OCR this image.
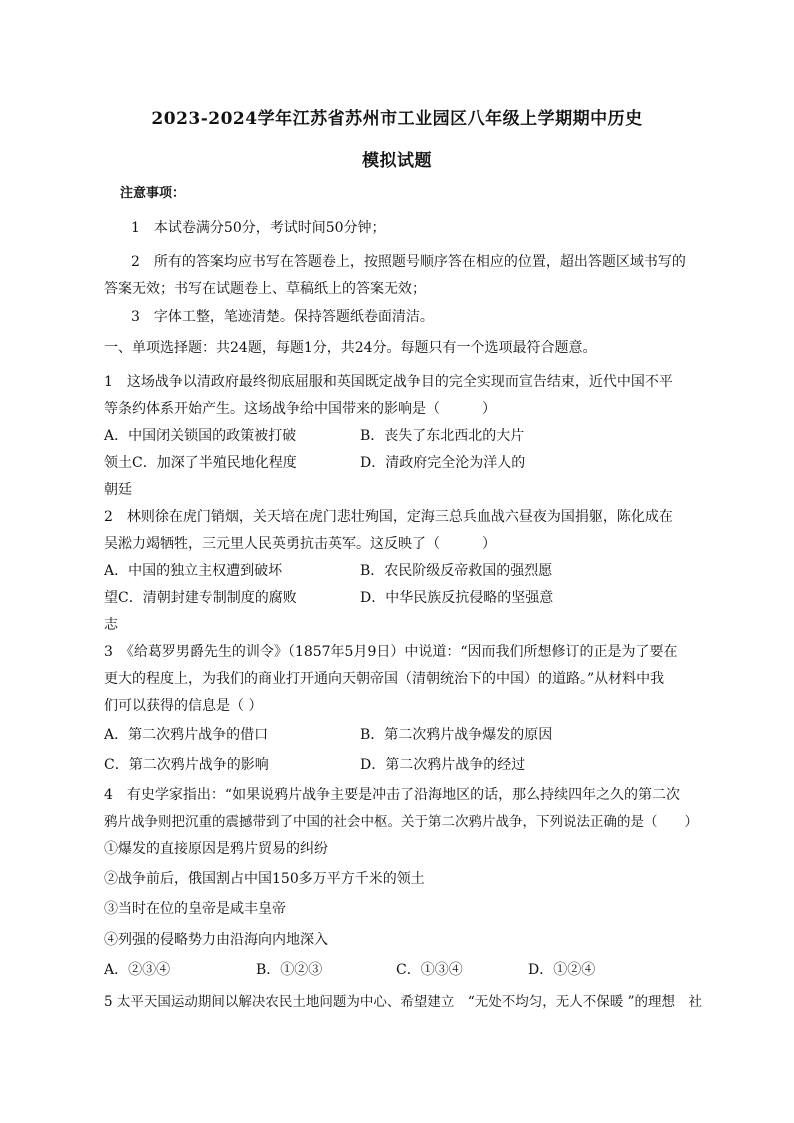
2023-2024学年江苏省苏州市工业园区八年级上学期期中历史
模拟试题
注意事项：
1　本试卷满分50分，考试时间50分钟；
2　所有的答案均应书写在答题卷上，按照题号顺序答在相应的位置，超出答题区域书写的
答案无效；书写在试题卷上、草稿纸上的答案无效；
3　字体工整，笔迹清楚。保持答题纸卷面清洁。
一、单项选择题：共24题，每题1分，共24分。每题只有一个选项最符合题意。
1　这场战争以清政府最终彻底屈服和英国既定战争目的完全实现而宣告结束，近代中国不平
等条约体系开始产生。这场战争给中国带来的影响是（　　　）
A．中国闭关锁国的政策被打破	B．丧失了东北西北的大片
领土C．加深了半殖民地化程度	D．清政府完全沦为洋人的
朝廷
2　林则徐在虎门销烟，关天培在虎门悲壮殉国，定海三总兵血战六昼夜为国捐躯，陈化成在
吴淞力竭牺牲，三元里人民英勇抗击英军。这反映了（　　　）
A．中国的独立主权遭到破坏	B．农民阶级反帝救国的强烈愿
望C．清朝封建专制制度的腐败	D．中华民族反抗侵略的坚强意
志
3　《给葛罗男爵先生的训令》（1857年5月9日）中说道：“因而我们所想修订的正是为了要在
更大的程度上，为我们的商业打开通向天朝帝国（清朝统治下的中国）的道路。”从材料中我
们可以获得的信息是（ ）
A．第二次鸦片战争的借口	B．第二次鸦片战争爆发的原因
C．第二次鸦片战争的影响	D．第二次鸦片战争的经过
4　有史学家指出：“如果说鸦片战争主要是冲击了沿海地区的话，那么持续四年之久的第二次
鸦片战争则把沉重的震撼带到了中国的社会中枢。关于第二次鸦片战争，下列说法正确的是（　　）
①爆发的直接原因是鸦片贸易的纠纷
②战争前后，俄国割占中国150多万平方千米的领土
③当时在位的皇帝是咸丰皇帝
④列强的侵略势力由沿海向内地深入
A．②③④	B．①②③	C．①③④	D．①②④
5 太平天国运动期间以解决农民土地问题为中心、希望建立　“无处不均匀，无人不保暖 ”的理想　社
